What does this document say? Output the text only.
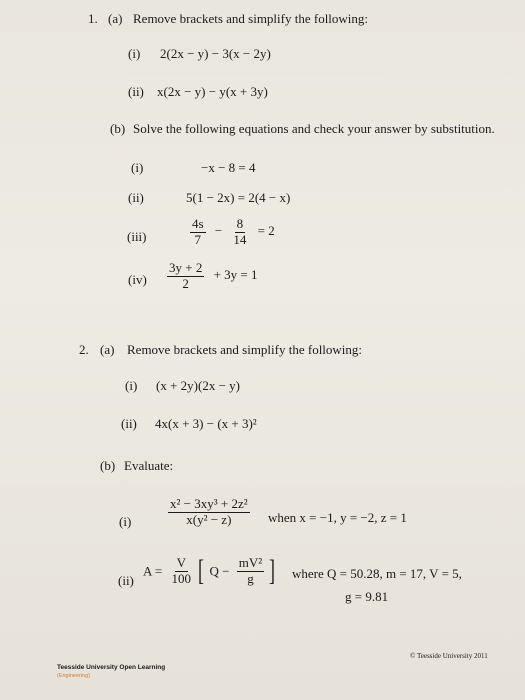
1. (a) Remove brackets and simplify the following:
(i) 2(2x − y) − 3(x − 2y)
(ii) x(2x − y) − y(x + 3y)
(b) Solve the following equations and check your answer by substitution.
(i)	−x − 8 = 4
(ii)	5(1 − 2x) = 2(4 − x)
(iii)	$\frac{4s}{7} - \frac{8}{14} = 2$
$(iv) \frac{3y + 2}{2} + 3y = 1$
2. (a) Remove brackets and simplify the following:
(i) (x + 2y)(2x − y)
(ii) 4x(x + 3) − (x + 3)²
(b) Evaluate:
(i)	$\frac{\text{x² − 3xy³ + 2z²}}{\text{x(y² − z)}}$ when x = −1, y = −2, z = 1
(ii)
$A = \frac{V}{100}$ [ $Q - \frac{\text{mV²}}{g}$ ] where Q = 50.28, m = 17, V = 5,
g = 9.81
Teesside University Open Learning
(Engineering)
© Teesside University 2011
